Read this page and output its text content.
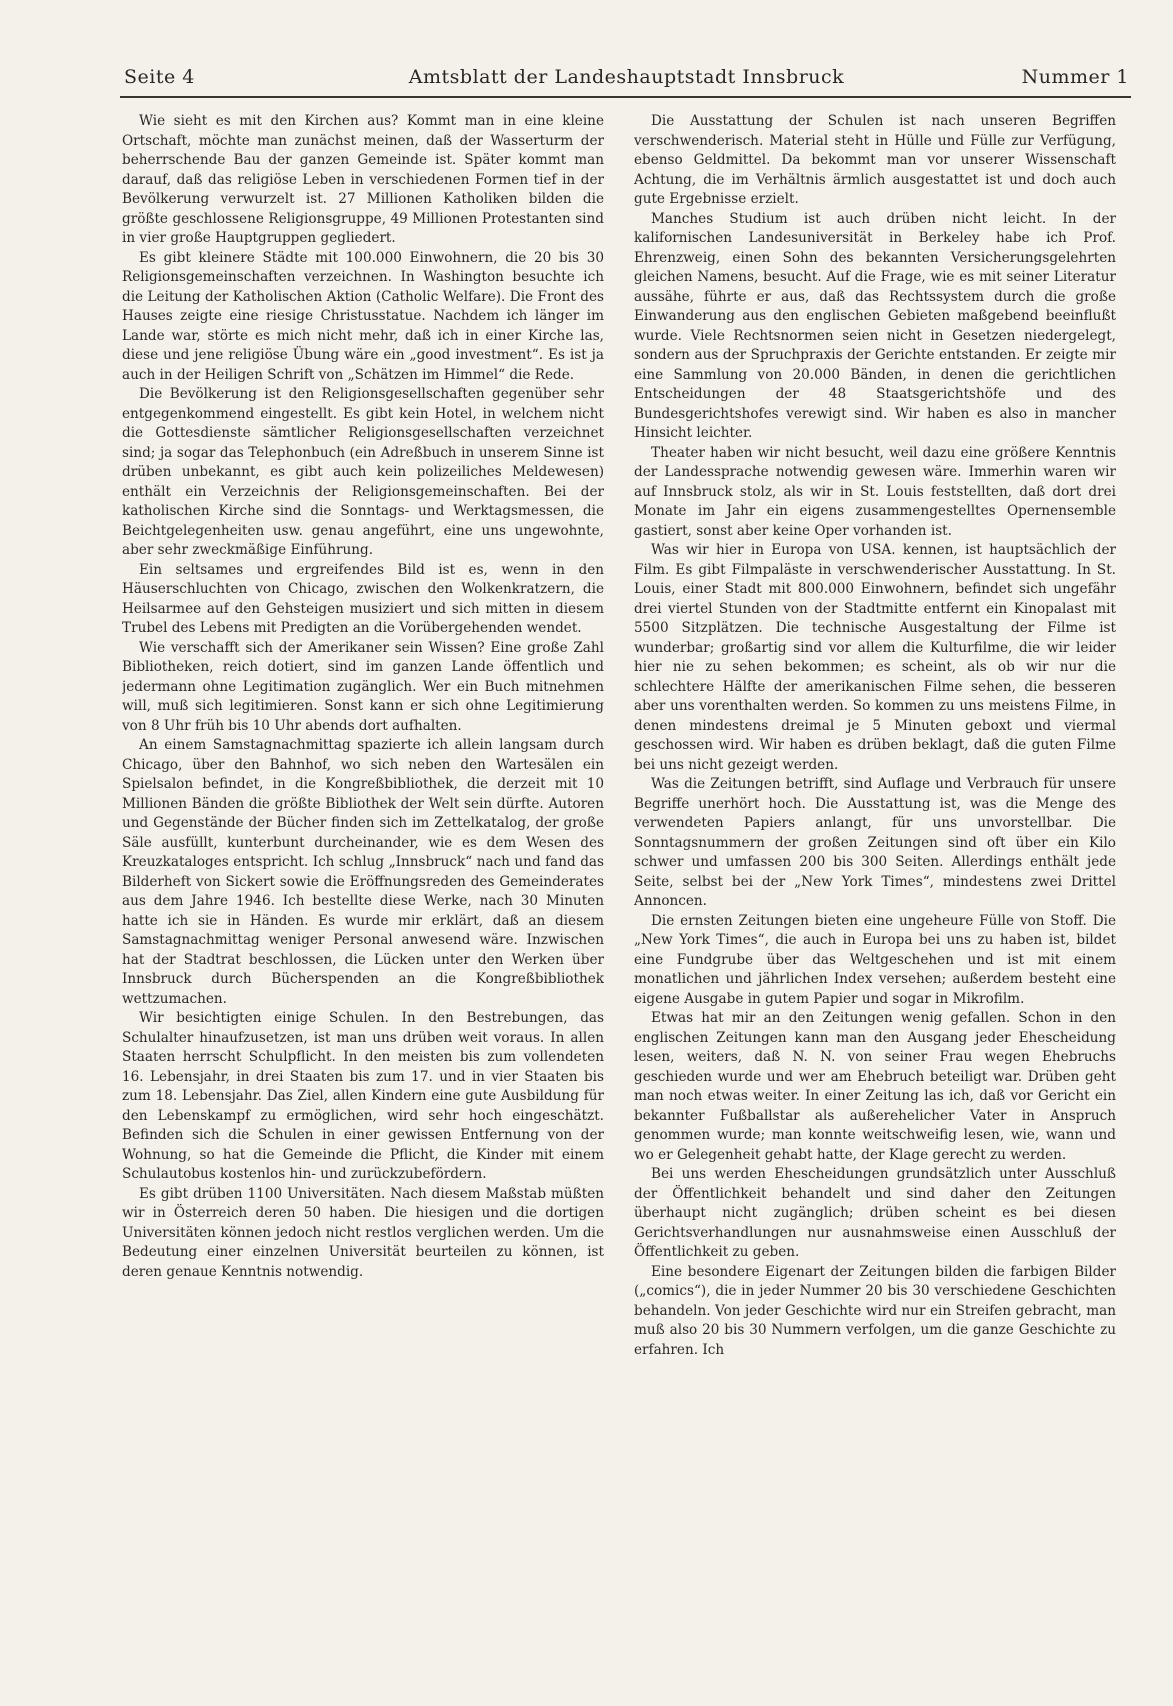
Seite 4	Amtsblatt der Landeshauptstadt Innsbruck	Nummer 1

Wie sieht es mit den Kirchen aus? Kommt man in eine kleine Ortschaft, möchte man zunächst meinen, daß der Wasserturm der beherrschende Bau der ganzen Gemeinde ist. Später kommt man darauf, daß das religiöse Leben in verschiedenen Formen tief in der Bevölkerung verwurzelt ist. 27 Millionen Katholiken bilden die größte geschlossene Religionsgruppe, 49 Millionen Protestanten sind in vier große Hauptgruppen gegliedert.

Es gibt kleinere Städte mit 100.000 Einwohnern, die 20 bis 30 Religionsgemeinschaften verzeichnen. In Washington besuchte ich die Leitung der Katholischen Aktion (Catholic Welfare). Die Front des Hauses zeigte eine riesige Christusstatue. Nachdem ich länger im Lande war, störte es mich nicht mehr, daß ich in einer Kirche las, diese und jene religiöse Übung wäre ein „good investment“. Es ist ja auch in der Heiligen Schrift von „Schätzen im Himmel“ die Rede.

Die Bevölkerung ist den Religionsgesellschaften gegenüber sehr entgegenkommend eingestellt. Es gibt kein Hotel, in welchem nicht die Gottesdienste sämtlicher Religionsgesellschaften verzeichnet sind; ja sogar das Telephonbuch (ein Adreßbuch in unserem Sinne ist drüben unbekannt, es gibt auch kein polizeiliches Meldewesen) enthält ein Verzeichnis der Religionsgemeinschaften. Bei der katholischen Kirche sind die Sonntags- und Werktagsmessen, die Beichtgelegenheiten usw. genau angeführt, eine uns ungewohnte, aber sehr zweckmäßige Einführung.

Ein seltsames und ergreifendes Bild ist es, wenn in den Häuserschluchten von Chicago, zwischen den Wolkenkratzern, die Heilsarmee auf den Gehsteigen musiziert und sich mitten in diesem Trubel des Lebens mit Predigten an die Vorübergehenden wendet.

Wie verschafft sich der Amerikaner sein Wissen? Eine große Zahl Bibliotheken, reich dotiert, sind im ganzen Lande öffentlich und jedermann ohne Legitimation zugänglich. Wer ein Buch mitnehmen will, muß sich legitimieren. Sonst kann er sich ohne Legitimierung von 8 Uhr früh bis 10 Uhr abends dort aufhalten.

An einem Samstagnachmittag spazierte ich allein langsam durch Chicago, über den Bahnhof, wo sich neben den Wartesälen ein Spielsalon befindet, in die Kongreßbibliothek, die derzeit mit 10 Millionen Bänden die größte Bibliothek der Welt sein dürfte. Autoren und Gegenstände der Bücher finden sich im Zettelkatalog, der große Säle ausfüllt, kunterbunt durcheinander, wie es dem Wesen des Kreuzkataloges entspricht. Ich schlug „Innsbruck“ nach und fand das Bilderheft von Sickert sowie die Eröffnungsreden des Gemeinderates aus dem Jahre 1946. Ich bestellte diese Werke, nach 30 Minuten hatte ich sie in Händen. Es wurde mir erklärt, daß an diesem Samstagnachmittag weniger Personal anwesend wäre. Inzwischen hat der Stadtrat beschlossen, die Lücken unter den Werken über Innsbruck durch Bücherspenden an die Kongreßbibliothek wettzumachen.

Wir besichtigten einige Schulen. In den Bestrebungen, das Schulalter hinaufzusetzen, ist man uns drüben weit voraus. In allen Staaten herrscht Schulpflicht. In den meisten bis zum vollendeten 16. Lebensjahr, in drei Staaten bis zum 17. und in vier Staaten bis zum 18. Lebensjahr. Das Ziel, allen Kindern eine gute Ausbildung für den Lebenskampf zu ermöglichen, wird sehr hoch eingeschätzt. Befinden sich die Schulen in einer gewissen Entfernung von der Wohnung, so hat die Gemeinde die Pflicht, die Kinder mit einem Schulautobus kostenlos hin- und zurückzubefördern.

Es gibt drüben 1100 Universitäten. Nach diesem Maßstab müßten wir in Österreich deren 50 haben. Die hiesigen und die dortigen Universitäten können jedoch nicht restlos verglichen werden. Um die Bedeutung einer einzelnen Universität beurteilen zu können, ist deren genaue Kenntnis notwendig.

Die Ausstattung der Schulen ist nach unseren Begriffen verschwenderisch. Material steht in Hülle und Fülle zur Verfügung, ebenso Geldmittel. Da bekommt man vor unserer Wissenschaft Achtung, die im Verhältnis ärmlich ausgestattet ist und doch auch gute Ergebnisse erzielt.

Manches Studium ist auch drüben nicht leicht. In der kalifornischen Landesuniversität in Berkeley habe ich Prof. Ehrenzweig, einen Sohn des bekannten Versicherungsgelehrten gleichen Namens, besucht. Auf die Frage, wie es mit seiner Literatur aussähe, führte er aus, daß das Rechtssystem durch die große Einwanderung aus den englischen Gebieten maßgebend beeinflußt wurde. Viele Rechtsnormen seien nicht in Gesetzen niedergelegt, sondern aus der Spruchpraxis der Gerichte entstanden. Er zeigte mir eine Sammlung von 20.000 Bänden, in denen die gerichtlichen Entscheidungen der 48 Staatsgerichtshöfe und des Bundesgerichtshofes verewigt sind. Wir haben es also in mancher Hinsicht leichter.

Theater haben wir nicht besucht, weil dazu eine größere Kenntnis der Landessprache notwendig gewesen wäre. Immerhin waren wir auf Innsbruck stolz, als wir in St. Louis feststellten, daß dort drei Monate im Jahr ein eigens zusammengestelltes Opernensemble gastiert, sonst aber keine Oper vorhanden ist.

Was wir hier in Europa von USA. kennen, ist hauptsächlich der Film. Es gibt Filmpaläste in verschwenderischer Ausstattung. In St. Louis, einer Stadt mit 800.000 Einwohnern, befindet sich ungefähr drei viertel Stunden von der Stadtmitte entfernt ein Kinopalast mit 5500 Sitzplätzen. Die technische Ausgestaltung der Filme ist wunderbar; großartig sind vor allem die Kulturfilme, die wir leider hier nie zu sehen bekommen; es scheint, als ob wir nur die schlechtere Hälfte der amerikanischen Filme sehen, die besseren aber uns vorenthalten werden. So kommen zu uns meistens Filme, in denen mindestens dreimal je 5 Minuten geboxt und viermal geschossen wird. Wir haben es drüben beklagt, daß die guten Filme bei uns nicht gezeigt werden.

Was die Zeitungen betrifft, sind Auflage und Verbrauch für unsere Begriffe unerhört hoch. Die Ausstattung ist, was die Menge des verwendeten Papiers anlangt, für uns unvorstellbar. Die Sonntagsnummern der großen Zeitungen sind oft über ein Kilo schwer und umfassen 200 bis 300 Seiten. Allerdings enthält jede Seite, selbst bei der „New York Times“, mindestens zwei Drittel Annoncen.

Die ernsten Zeitungen bieten eine ungeheure Fülle von Stoff. Die „New York Times“, die auch in Europa bei uns zu haben ist, bildet eine Fundgrube über das Weltgeschehen und ist mit einem monatlichen und jährlichen Index versehen; außerdem besteht eine eigene Ausgabe in gutem Papier und sogar in Mikrofilm.

Etwas hat mir an den Zeitungen wenig gefallen. Schon in den englischen Zeitungen kann man den Ausgang jeder Ehescheidung lesen, weiters, daß N. N. von seiner Frau wegen Ehebruchs geschieden wurde und wer am Ehebruch beteiligt war. Drüben geht man noch etwas weiter. In einer Zeitung las ich, daß vor Gericht ein bekannter Fußballstar als außerehelicher Vater in Anspruch genommen wurde; man konnte weitschweifig lesen, wie, wann und wo er Gelegenheit gehabt hatte, der Klage gerecht zu werden.

Bei uns werden Ehescheidungen grundsätzlich unter Ausschluß der Öffentlichkeit behandelt und sind daher den Zeitungen überhaupt nicht zugänglich; drüben scheint es bei diesen Gerichtsverhandlungen nur ausnahmsweise einen Ausschluß der Öffentlichkeit zu geben.

Eine besondere Eigenart der Zeitungen bilden die farbigen Bilder („comics“), die in jeder Nummer 20 bis 30 verschiedene Geschichten behandeln. Von jeder Geschichte wird nur ein Streifen gebracht, man muß also 20 bis 30 Nummern verfolgen, um die ganze Geschichte zu erfahren. Ich
